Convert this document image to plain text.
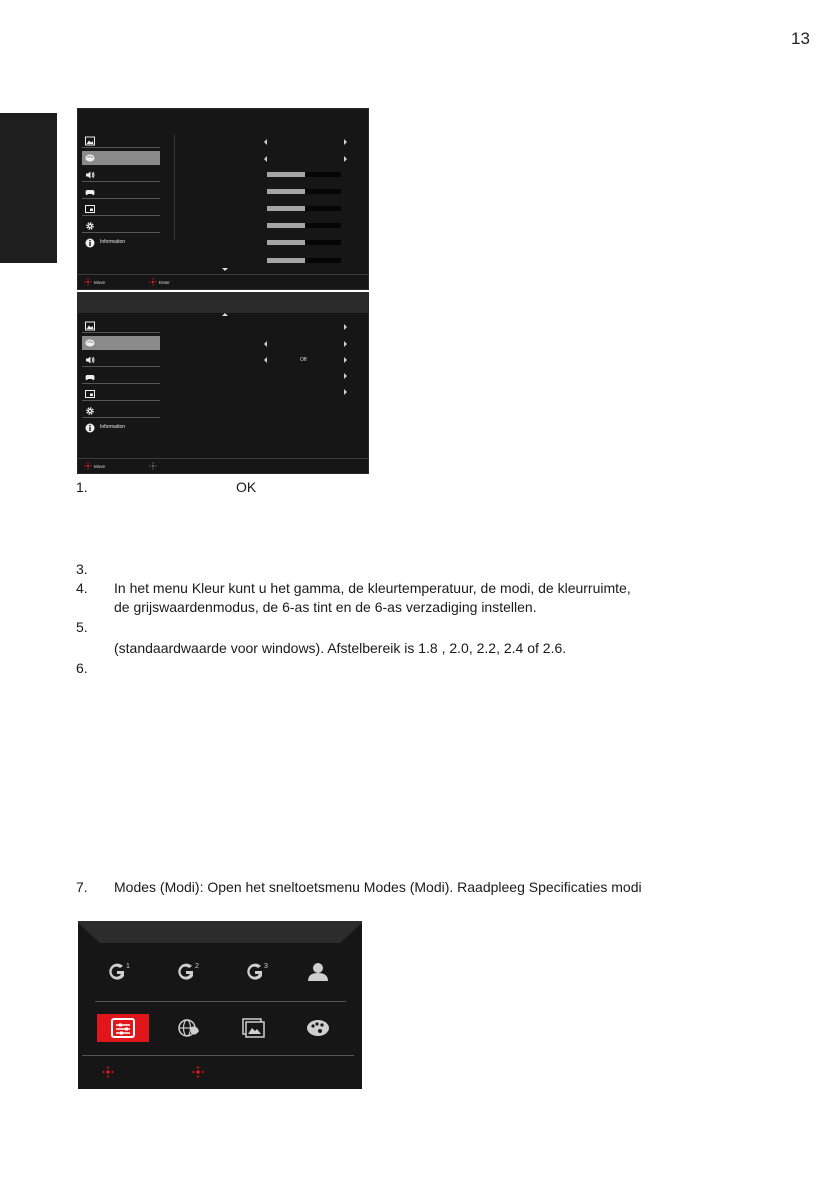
13
Information
Move	Enter
Information
Off
Move
1.	OK
3.
4. In het menu Kleur kunt u het gamma, de kleurtemperatuur, de modi, de kleurruimte,
de grijswaardenmodus, de 6-as tint en de 6-as verzadiging instellen.
5.
(standaardwaarde voor windows). Afstelbereik is 1.8 , 2.0, 2.2, 2.4 of 2.6.
6.
7. Modes (Modi): Open het sneltoetsmenu Modes (Modi). Raadpleeg Specificaties modi
1	2	3
